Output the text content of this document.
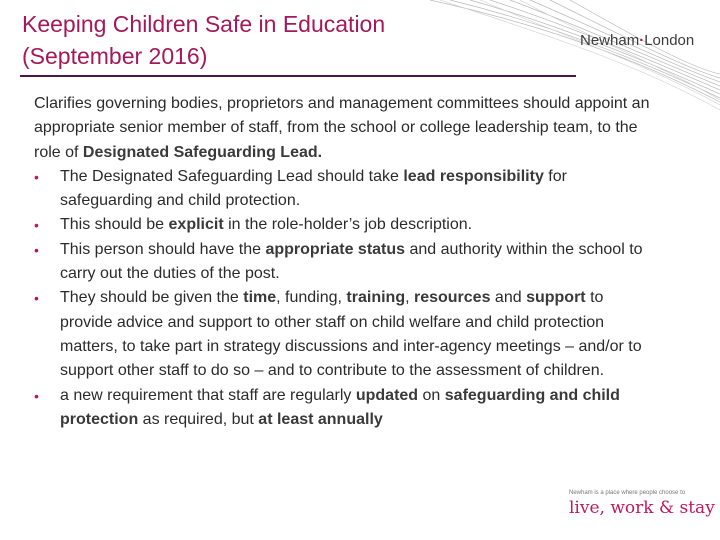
Keeping Children Safe in Education
(September 2016)
Newham·London

Clarifies governing bodies, proprietors and management committees should appoint an appropriate senior member of staff, from the school or college leadership team, to the role of Designated Safeguarding Lead.

• The Designated Safeguarding Lead should take lead responsibility for safeguarding and child protection.
• This should be explicit in the role-holder’s job description.
• This person should have the appropriate status and authority within the school to carry out the duties of the post.
• They should be given the time, funding, training, resources and support to provide advice and support to other staff on child welfare and child protection matters, to take part in strategy discussions and inter-agency meetings – and/or to support other staff to do so – and to contribute to the assessment of children.
• a new requirement that staff are regularly updated on safeguarding and child protection as required, but at least annually
Newham is a place where people choose to
live, work & stay
